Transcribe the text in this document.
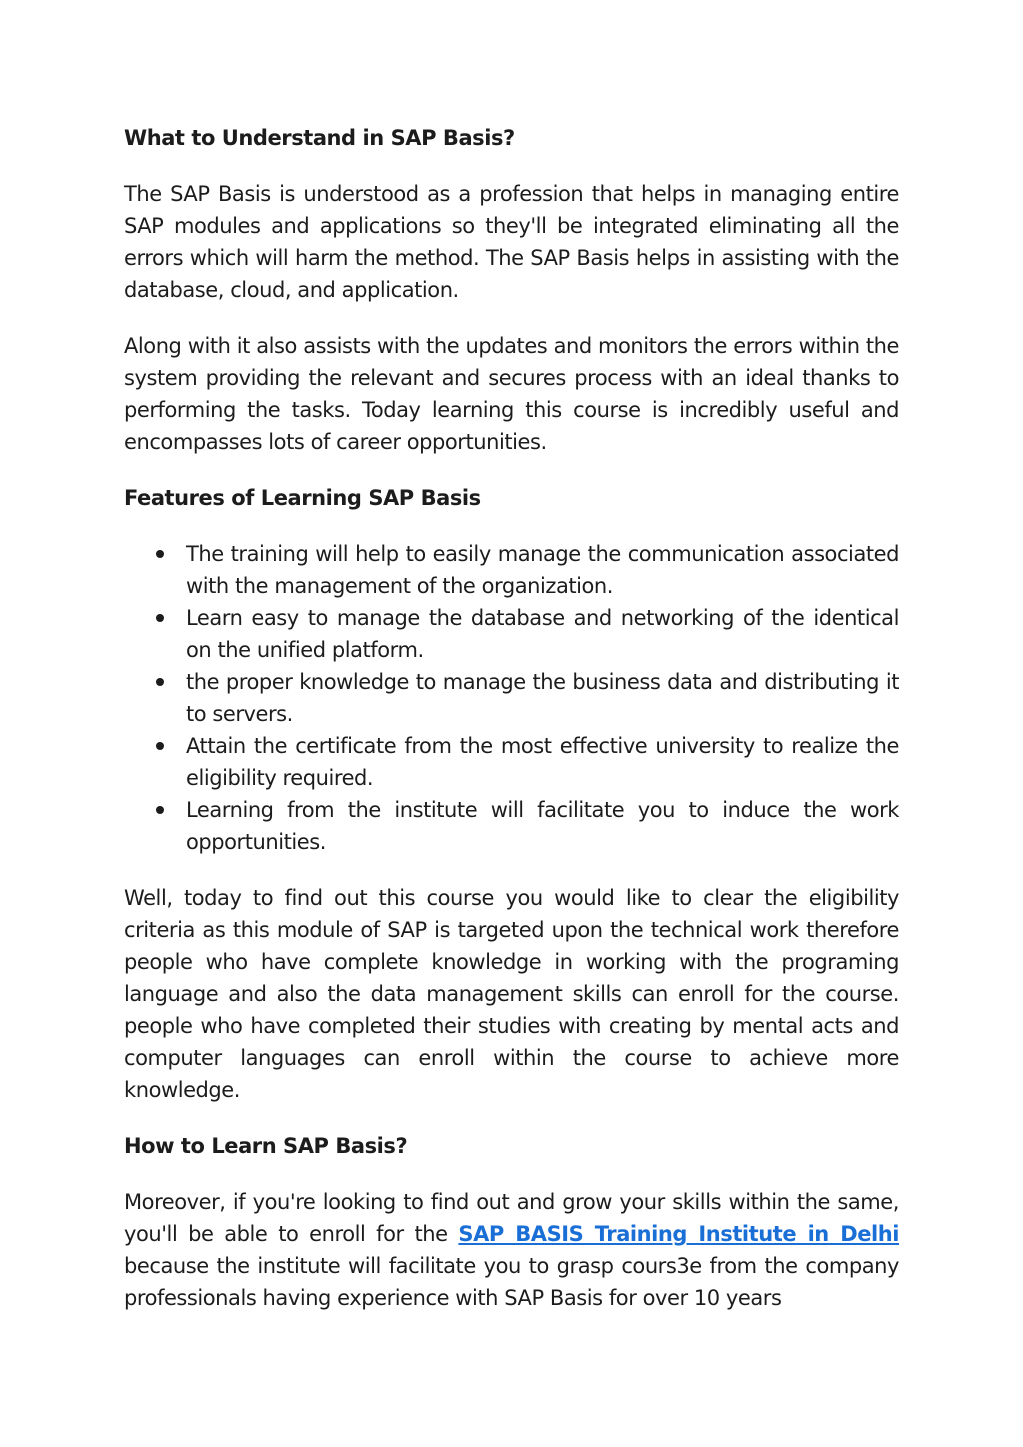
What to Understand in SAP Basis?

The SAP Basis is understood as a profession that helps in managing entire SAP modules and applications so they'll be integrated eliminating all the errors which will harm the method. The SAP Basis helps in assisting with the database, cloud, and application.

Along with it also assists with the updates and monitors the errors within the system providing the relevant and secures process with an ideal thanks to performing the tasks. Today learning this course is incredibly useful and encompasses lots of career opportunities.

Features of Learning SAP Basis
The training will help to easily manage the communication associated with the management of the organization.
Learn easy to manage the database and networking of the identical on the unified platform.
the proper knowledge to manage the business data and distributing it to servers.
Attain the certificate from the most effective university to realize the eligibility required.
Learning from the institute will facilitate you to induce the work opportunities.

Well, today to find out this course you would like to clear the eligibility criteria as this module of SAP is targeted upon the technical work therefore people who have complete knowledge in working with the programing language and also the data management skills can enroll for the course. people who have completed their studies with creating by mental acts and computer languages can enroll within the course to achieve more knowledge.

How to Learn SAP Basis?

Moreover, if you're looking to find out and grow your skills within the same, you'll be able to enroll for the SAP BASIS Training Institute in Delhi because the institute will facilitate you to grasp cours3e from the company professionals having experience with SAP Basis for over 10 years
